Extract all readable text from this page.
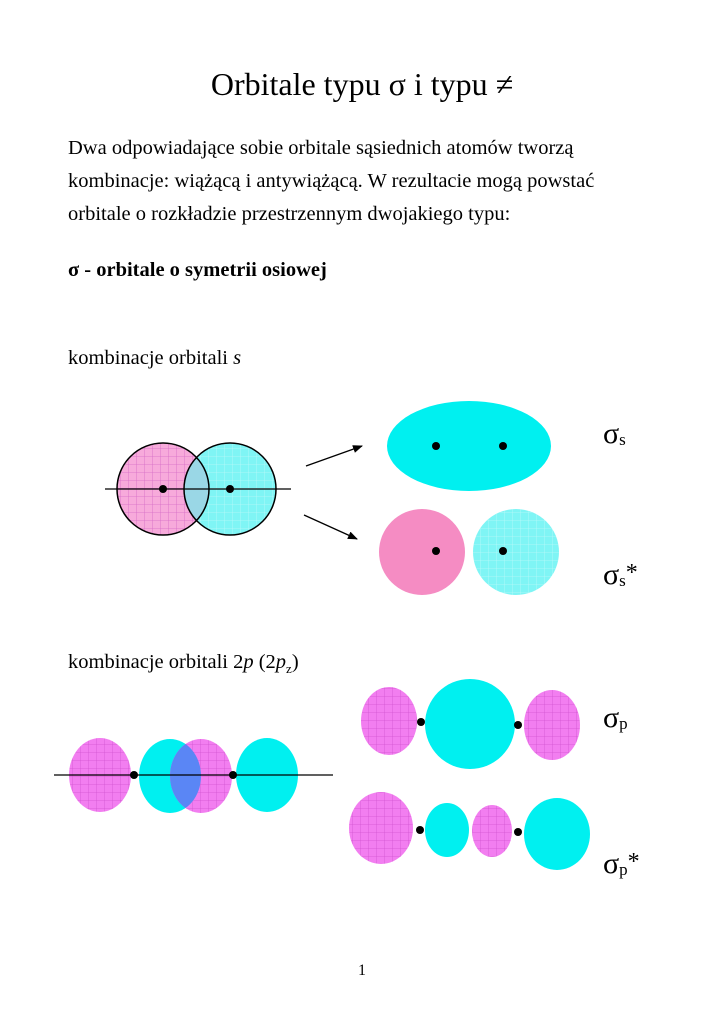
Orbitale typu σ i typu ≠
Dwa odpowiadające sobie orbitale sąsiednich atomów tworzą
kombinacje: wiążącą i antywiążącą. W rezultacie mogą powstać
orbitale o rozkładzie przestrzennym dwojakiego typu:
σ - orbitale o symetrii osiowej
kombinacje orbitali s
kombinacje orbitali 2p $(2p_z)$
$\sigma_s$
$\sigma_s*$
$\sigma_p$
$\sigma_p*$
1
